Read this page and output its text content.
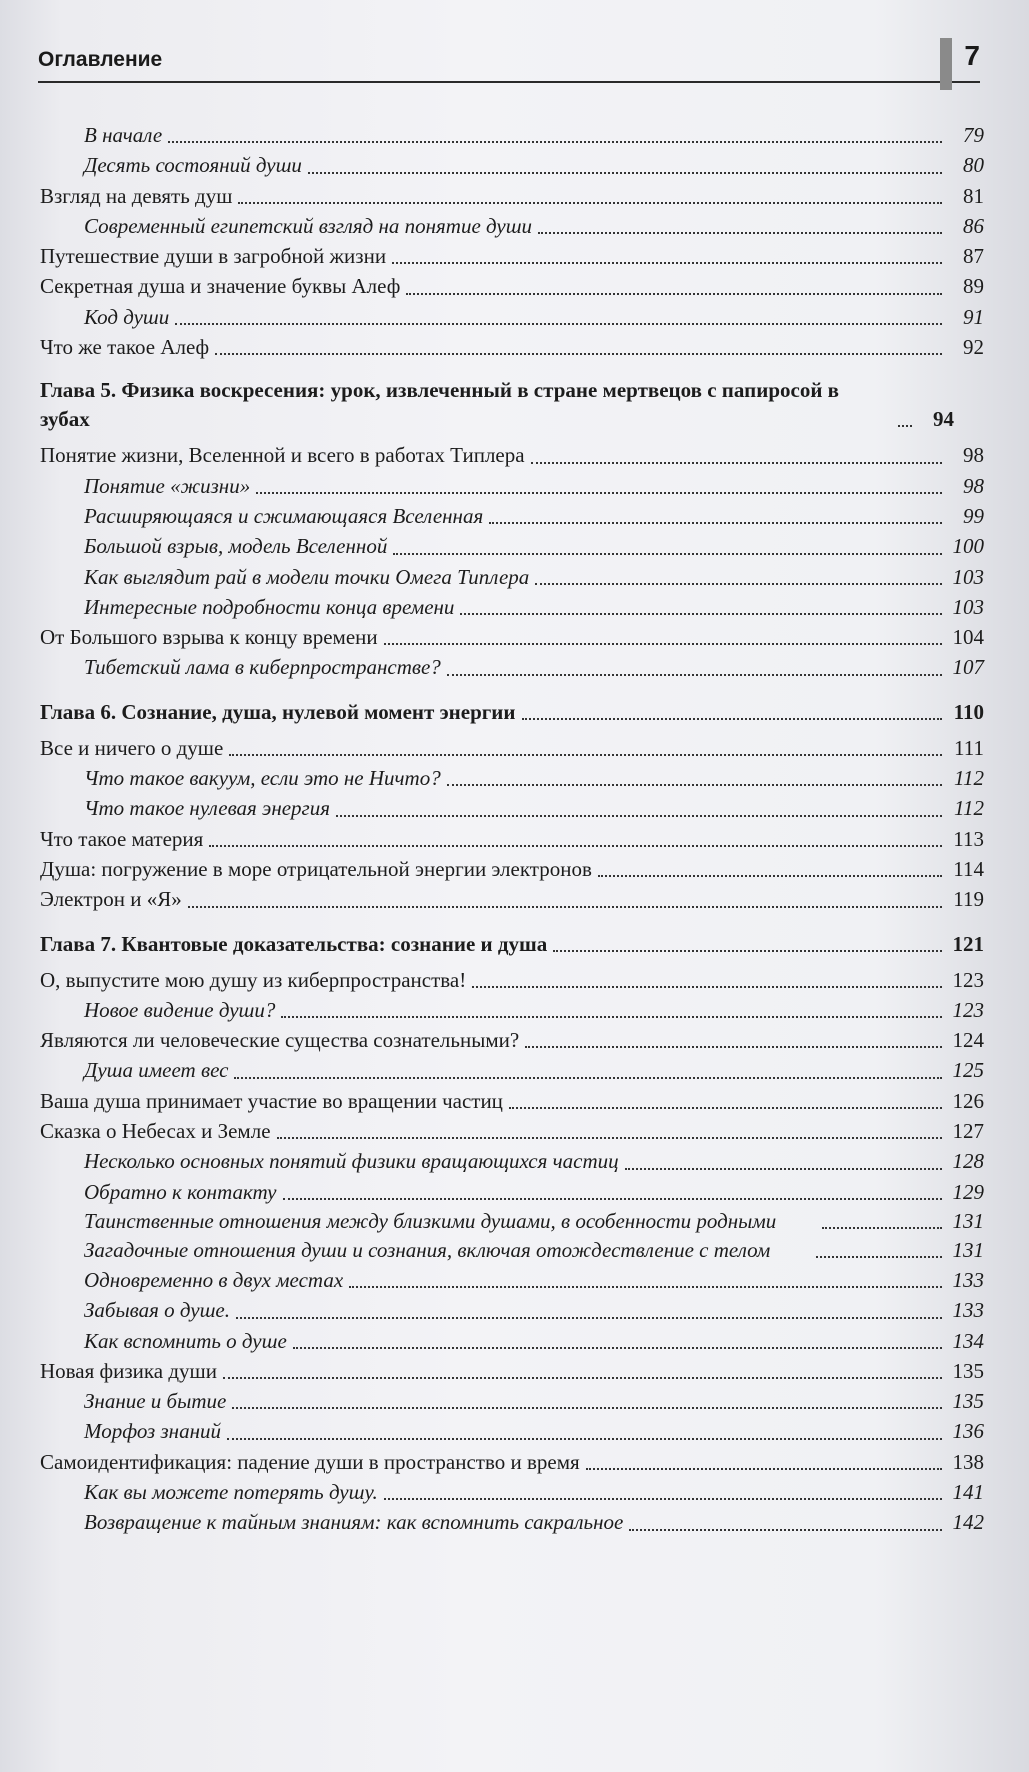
Оглавление	7
В начале	79
Десять состояний души	80
Взгляд на девять душ	81
Современный египетский взгляд на понятие души	86
Путешествие души в загробной жизни	87
Секретная душа и значение буквы Алеф	89
Код души	91
Что же такое Алеф	92
Глава 5. Физика воскресения: урок, извлеченный в стране мертвецов с папиросой в зубах	94
Понятие жизни, Вселенной и всего в работах Типлера	98
Понятие «жизни»	98
Расширяющаяся и сжимающаяся Вселенная	99
Большой взрыв, модель Вселенной	100
Как выглядит рай в модели точки Омега Типлера	103
Интересные подробности конца времени	103
От Большого взрыва к концу времени	104
Тибетский лама в киберпространстве?	107
Глава 6. Сознание, душа, нулевой момент энергии	110
Все и ничего о душе	111
Что такое вакуум, если это не Ничто?	112
Что такое нулевая энергия	112
Что такое материя	113
Душа: погружение в море отрицательной энергии электронов	114
Электрон и «Я»	119
Глава 7. Квантовые доказательства: сознание и душа	121
О, выпустите мою душу из киберпространства!	123
Новое видение души?	123
Являются ли человеческие существа сознательными?	124
Душа имеет вес	125
Ваша душа принимает участие во вращении частиц	126
Сказка о Небесах и Земле	127
Несколько основных понятий физики вращающихся частиц	128
Обратно к контакту	129
Таинственные отношения между близкими душами, в особенности родными	131
Загадочные отношения души и сознания, включая отождествление с телом	131
Одновременно в двух местах	133
Забывая о душе.	133
Как вспомнить о душе	134
Новая физика души	135
Знание и бытие	135
Морфоз знаний	136
Самоидентификация: падение души в пространство и время	138
Как вы можете потерять душу.	141
Возвращение к тайным знаниям: как вспомнить сакральное	142
